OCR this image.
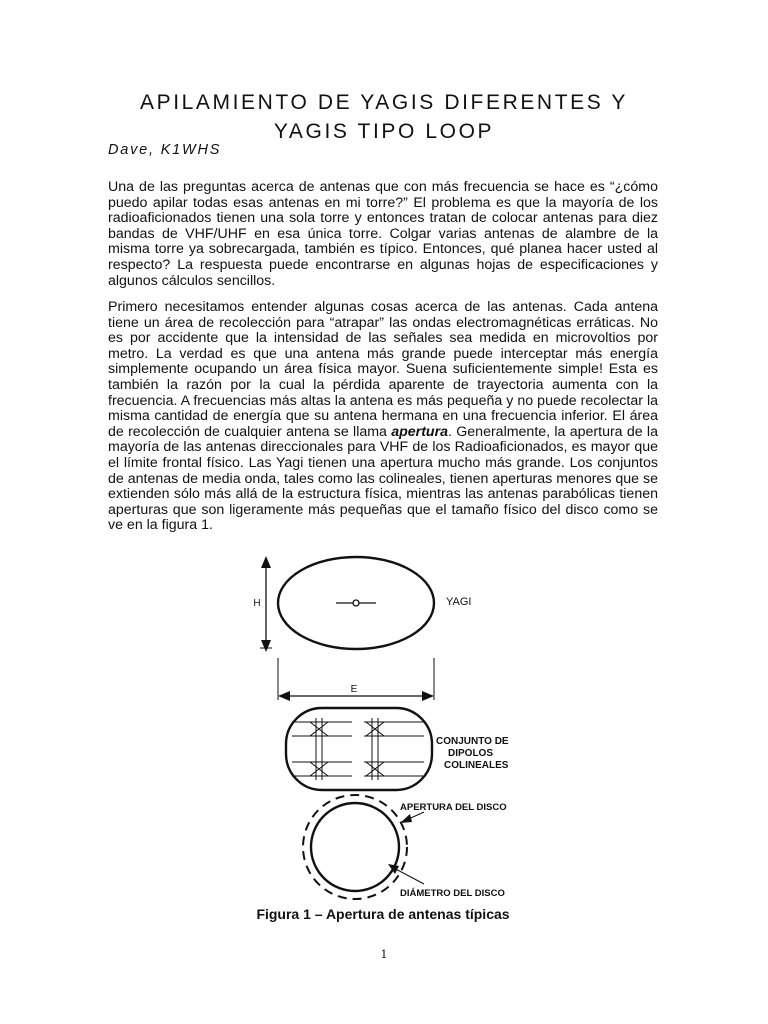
APILAMIENTO DE YAGIS DIFERENTES Y YAGIS TIPO LOOP

Dave, K1WHS

Una de las preguntas acerca de antenas que con más frecuencia se hace es “¿cómo puedo apilar todas esas antenas en mi torre?” El problema es que la mayoría de los radioaficionados tienen una sola torre y entonces tratan de colocar antenas para diez bandas de VHF/UHF en esa única torre. Colgar varias antenas de alambre de la misma torre ya sobrecargada, también es típico. Entonces, qué planea hacer usted al respecto? La respuesta puede encontrarse en algunas hojas de especificaciones y algunos cálculos sencillos.

Primero necesitamos entender algunas cosas acerca de las antenas. Cada antena tiene un área de recolección para “atrapar” las ondas electromagnéticas erráticas. No es por accidente que la intensidad de las señales sea medida en microvoltios por metro. La verdad es que una antena más grande puede interceptar más energía simplemente ocupando un área física mayor. Suena suficientemente simple! Esta es también la razón por la cual la pérdida aparente de trayectoria aumenta con la frecuencia. A frecuencias más altas la antena es más pequeña y no puede recolectar la misma cantidad de energía que su antena hermana en una frecuencia inferior. El área de recolección de cualquier antena se llama apertura. Generalmente, la apertura de la mayoría de las antenas direccionales para VHF de los Radioaficionados, es mayor que el límite frontal físico. Las Yagi tienen una apertura mucho más grande. Los conjuntos de antenas de media onda, tales como las colineales, tienen aperturas menores que se extienden sólo más allá de la estructura física, mientras las antenas parabólicas tienen aperturas que son ligeramente más pequeñas que el tamaño físico del disco como se ve en la figura 1.

H	YAGI
E
CONJUNTO DE
DIPOLOS
COLINEALES
APERTURA DEL DISCO
DIÁMETRO DEL DISCO

Figura 1 – Apertura de antenas típicas

1
